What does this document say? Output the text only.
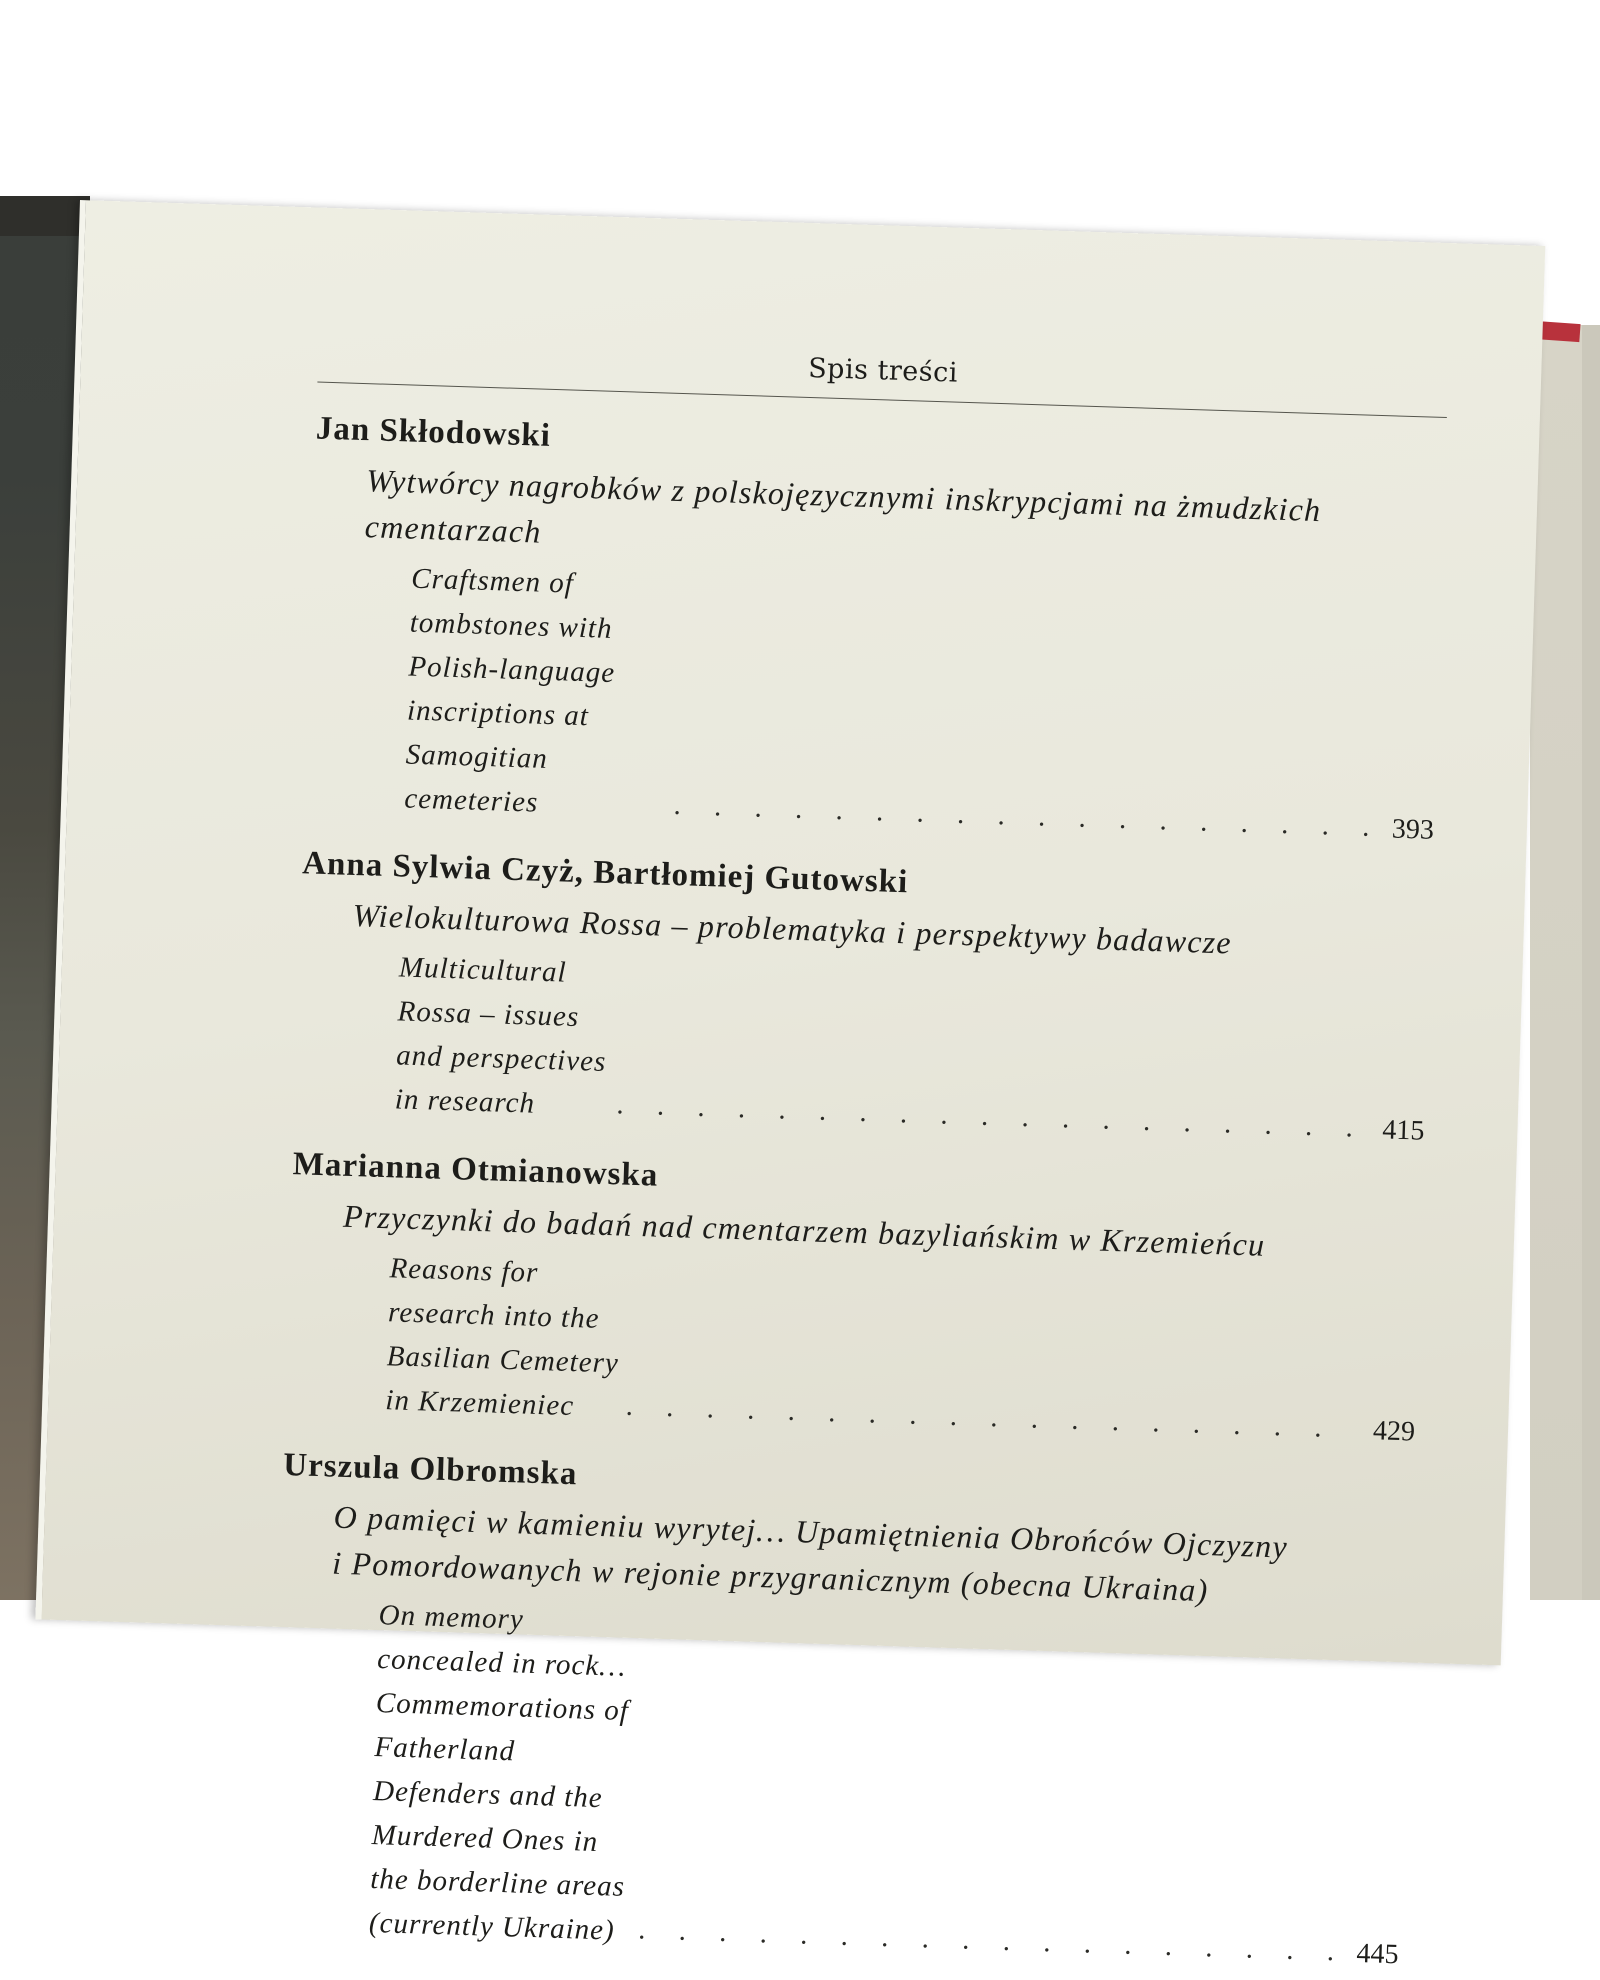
Spis treści
Jan Skłodowski
Wytwórcy nagrobków z polskojęzycznymi inskrypcjami na żmudzkich cmentarzach
Craftsmen of tombstones with Polish-language inscriptions at Samogitian cemeteries
. . .
393
Anna Sylwia Czyż, Bartłomiej Gutowski
Wielokulturowa Rossa – problematyka i perspektywy badawcze
Multicultural Rossa – issues and perspectives in research
. . .
415
Marianna Otmianowska
Przyczynki do badań nad cmentarzem bazyliańskim w Krzemieńcu
Reasons for research into the Basilian Cemetery in Krzemieniec
. . .
429
Urszula Olbromska
O pamięci w kamieniu wyrytej… Upamiętnienia Obrońców Ojczyzny i Pomordowanych w rejonie przygranicznym (obecna Ukraina)
On memory concealed in rock… Commemorations of Fatherland Defenders and the Murdered Ones in the borderline areas (currently Ukraine)
. . .
445
